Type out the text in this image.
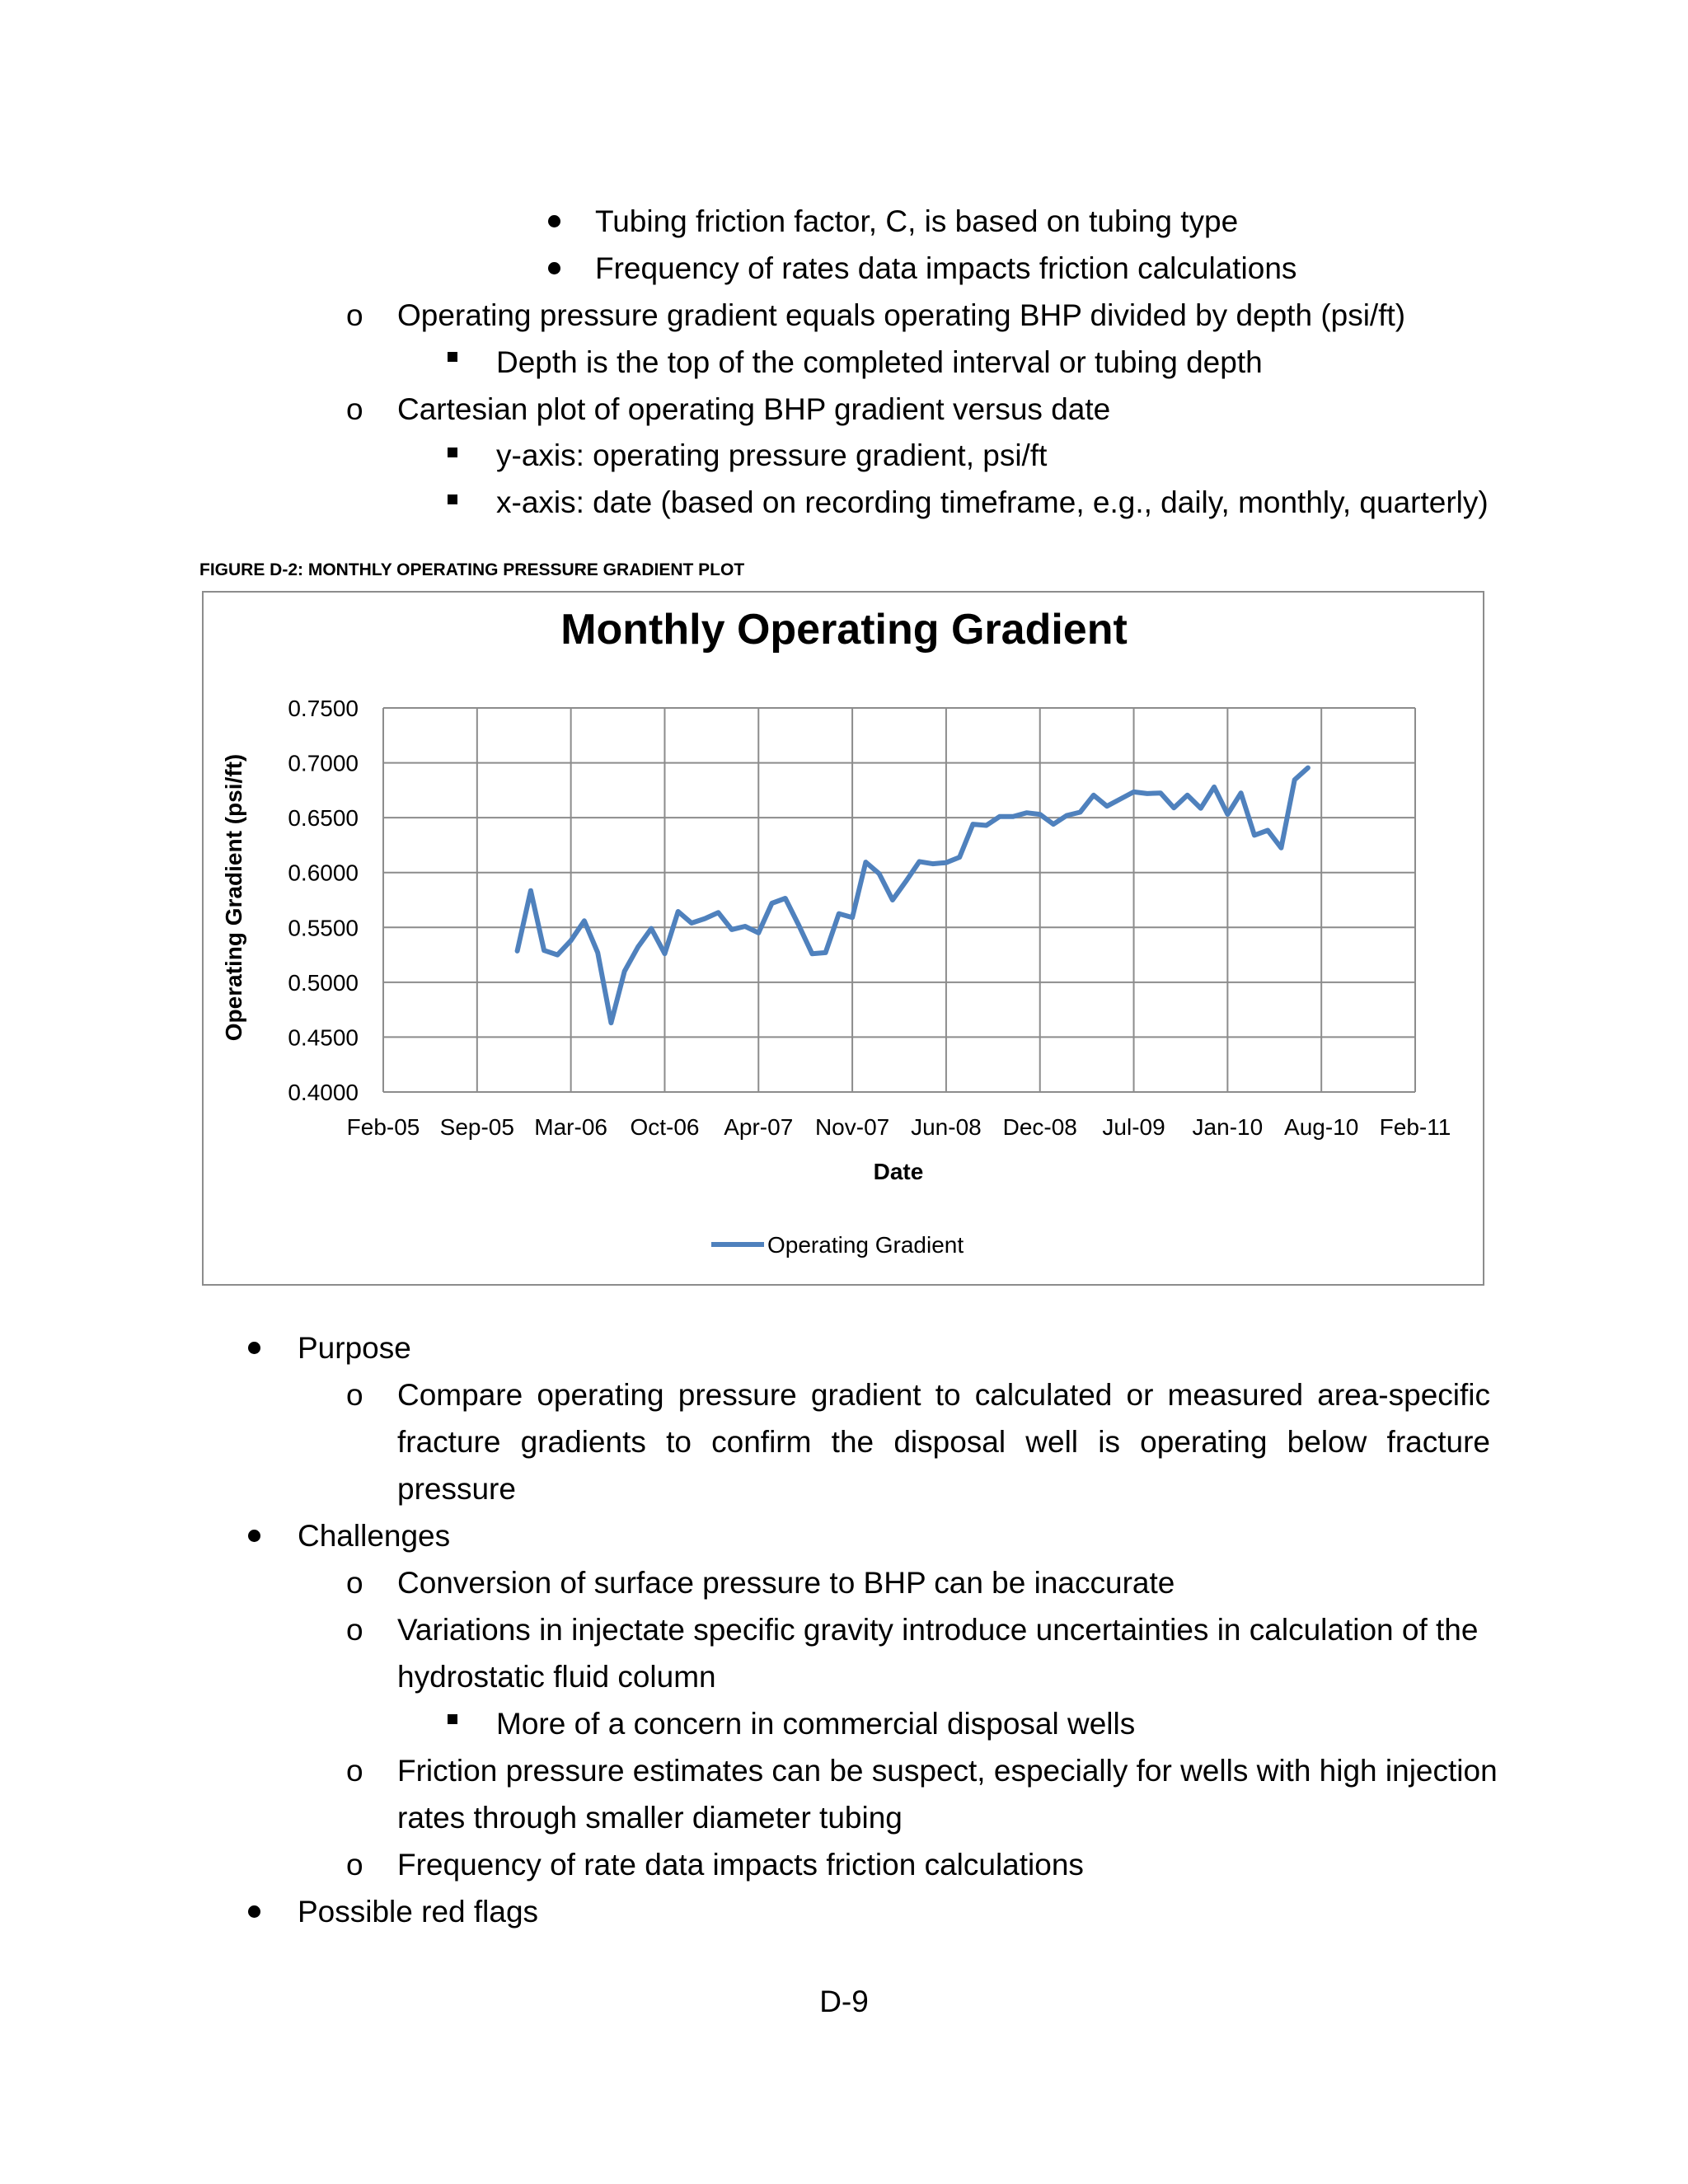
Tubing friction factor, C, is based on tubing type
Frequency of rates data impacts friction calculations
o Operating pressure gradient equals operating BHP divided by depth (psi/ft)
Depth is the top of the completed interval or tubing depth
o Cartesian plot of operating BHP gradient versus date
y-axis: operating pressure gradient, psi/ft
x-axis: date (based on recording timeframe, e.g., daily, monthly, quarterly)
FIGURE D-2: MONTHLY OPERATING PRESSURE GRADIENT PLOT
0.4000
0.4500
0.5000
0.5500
0.6000
0.6500
0.7000
0.7500
Feb-05 Sep-05 Mar-06 Oct-06 Apr-07 Nov-07 Jun-08 Dec-08 Jul-09 Jan-10 Aug-10 Feb-11
Monthly Operating Gradient
Operating Gradient (psi/ft)
Date
Operating Gradient
Purpose
o Compare operating pressure gradient to calculated or measured area-specific
fracture gradients to confirm the disposal well is operating below fracture
pressure
Challenges
o Conversion of surface pressure to BHP can be inaccurate
o Variations in injectate specific gravity introduce uncertainties in calculation of the
hydrostatic fluid column
More of a concern in commercial disposal wells
o Friction pressure estimates can be suspect, especially for wells with high injection
rates through smaller diameter tubing
o Frequency of rate data impacts friction calculations
Possible red flags
D-9
